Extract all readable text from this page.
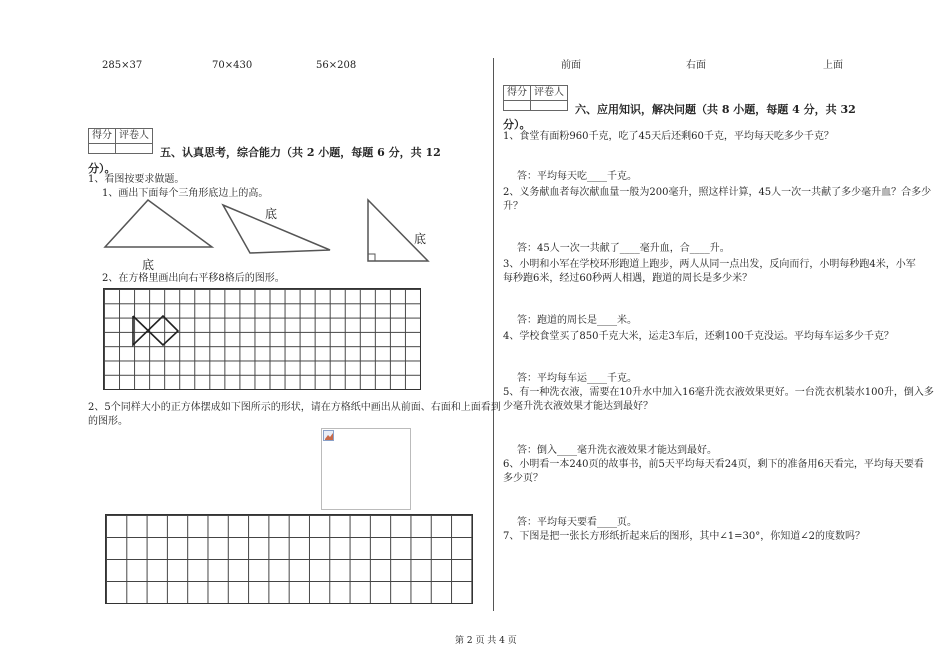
285×37	70×430	56×208	前面	右面	上面
得分	评卷人

五、认真思考，综合能力（共 2 小题，每题 6 分，共 12
分）。
1、看图按要求做题。
1、画出下面每个三角形底边上的高。
底
底
底
2、在方格里画出向右平移8格后的图形。
2、5个同样大小的正方体摆成如下图所示的形状，请在方格纸中画出从前面、右面和上面看到
的图形。
得分	评卷人

六、应用知识，解决问题（共 8 小题，每题 4 分，共 32
分）。
1、食堂有面粉960千克，吃了45天后还剩60千克，平均每天吃多少千克？
答：平均每天吃____千克。
2、义务献血者每次献血量一般为200毫升，照这样计算，45人一次一共献了多少毫升血？合多少
升？
答：45人一次一共献了____毫升血，合____升。
3、小明和小军在学校环形跑道上跑步，两人从同一点出发，反向而行，小明每秒跑4米，小军
每秒跑6米，经过60秒两人相遇，跑道的周长是多少米？
答：跑道的周长是____米。
4、学校食堂买了850千克大米，运走3车后，还剩100千克没运。平均每车运多少千克？
答：平均每车运____千克。
5、有一种洗衣液，需要在10升水中加入16毫升洗衣液效果更好。一台洗衣机装水100升，倒入多
少毫升洗衣液效果才能达到最好？
答：倒入____毫升洗衣液效果才能达到最好。
6、小明看一本240页的故事书，前5天平均每天看24页，剩下的准备用6天看完，平均每天要看
多少页？
答：平均每天要看____页。
7、下图是把一张长方形纸折起来后的图形，其中∠1=30°，你知道∠2的度数吗？
第 2 页 共 4 页
